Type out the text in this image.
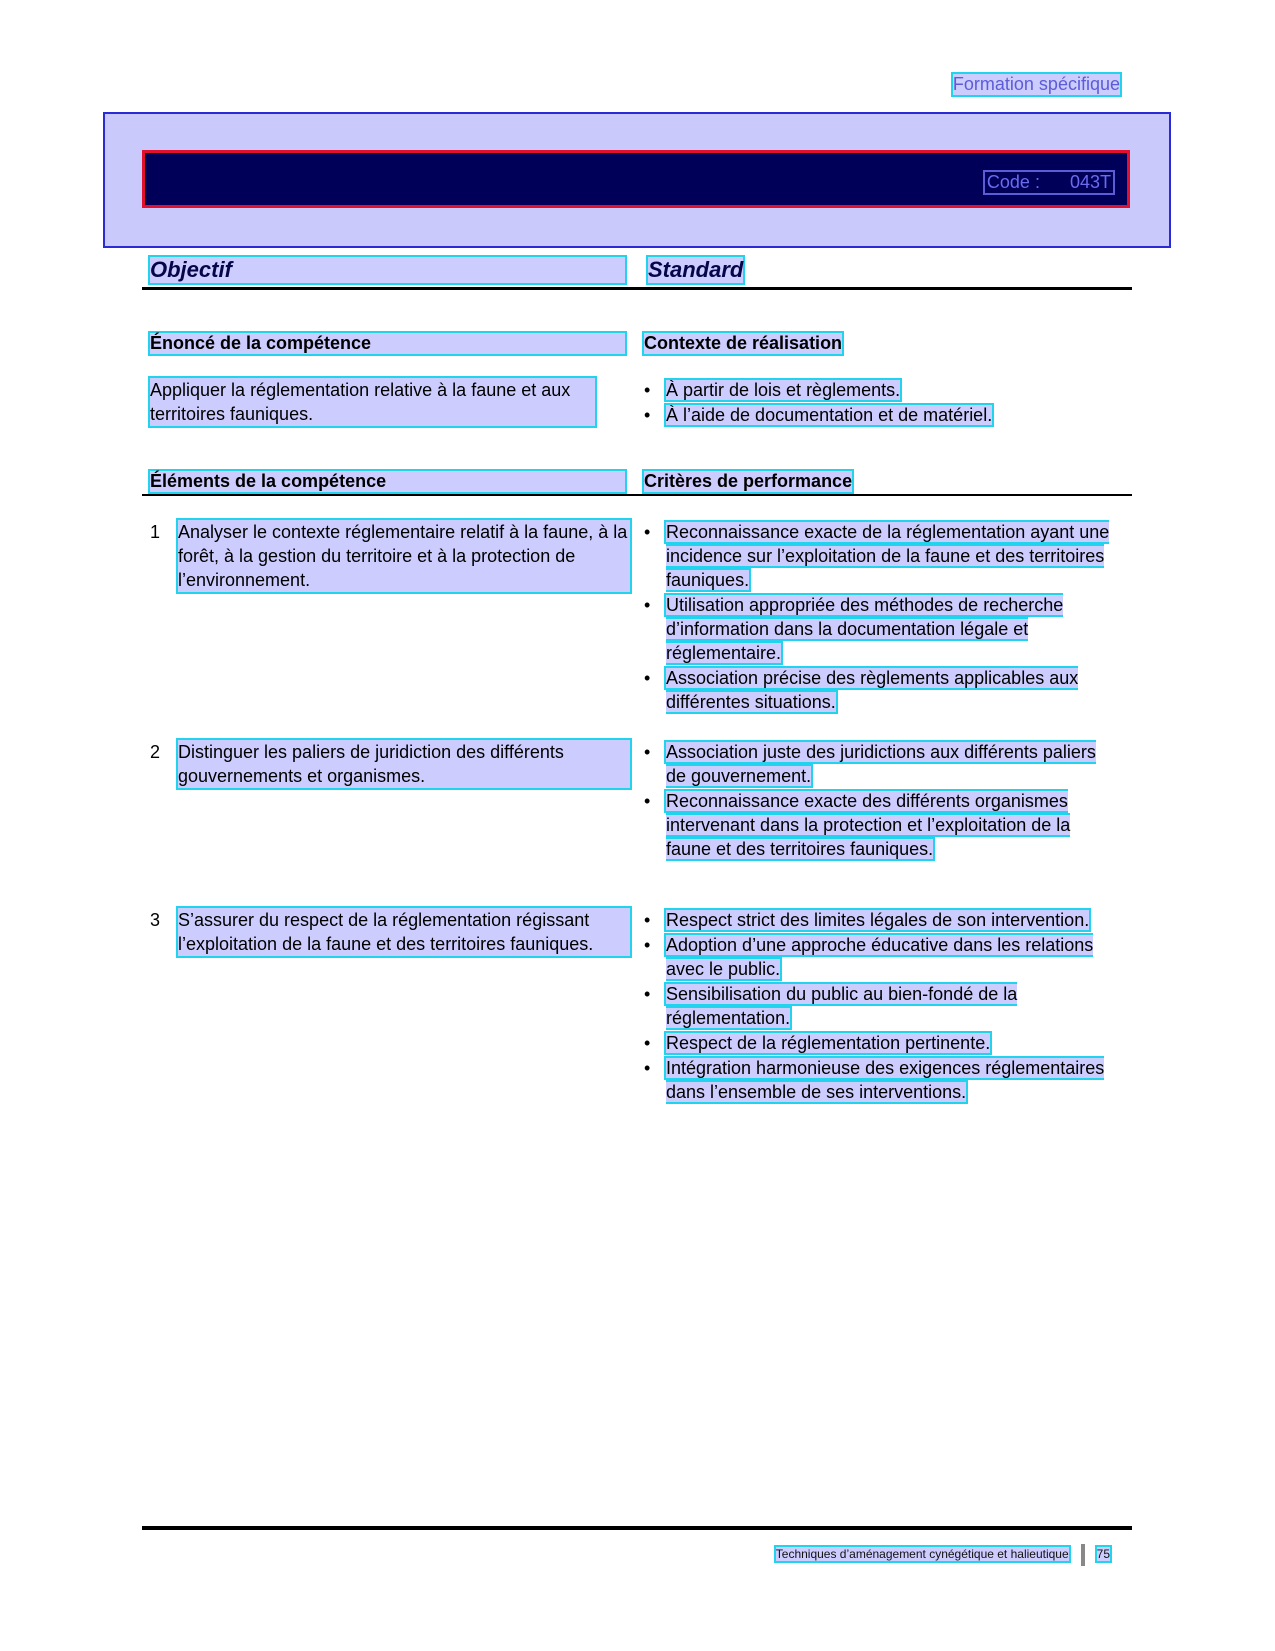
Formation spécifique
Code : 043T
Objectif	Standard
Énoncé de la compétence	Contexte de réalisation
Appliquer la réglementation relative à la faune et aux territoires fauniques.
• À partir de lois et règlements.
• À l’aide de documentation et de matériel.
Éléments de la compétence	Critères de performance
1 Analyser le contexte réglementaire relatif à la faune, à la forêt, à la gestion du territoire et à la protection de l’environnement.
• Reconnaissance exacte de la réglementation ayant une incidence sur l’exploitation de la faune et des territoires fauniques.
• Utilisation appropriée des méthodes de recherche d’information dans la documentation légale et réglementaire.
• Association précise des règlements applicables aux différentes situations.
2 Distinguer les paliers de juridiction des différents gouvernements et organismes.
• Association juste des juridictions aux différents paliers de gouvernement.
• Reconnaissance exacte des différents organismes intervenant dans la protection et l’exploitation de la faune et des territoires fauniques.
3 S’assurer du respect de la réglementation régissant l’exploitation de la faune et des territoires fauniques.
• Respect strict des limites légales de son intervention.
• Adoption d’une approche éducative dans les relations avec le public.
• Sensibilisation du public au bien-fondé de la réglementation.
• Respect de la réglementation pertinente.
• Intégration harmonieuse des exigences réglementaires dans l’ensemble de ses interventions.
Techniques d’aménagement cynégétique et halieutique 75
